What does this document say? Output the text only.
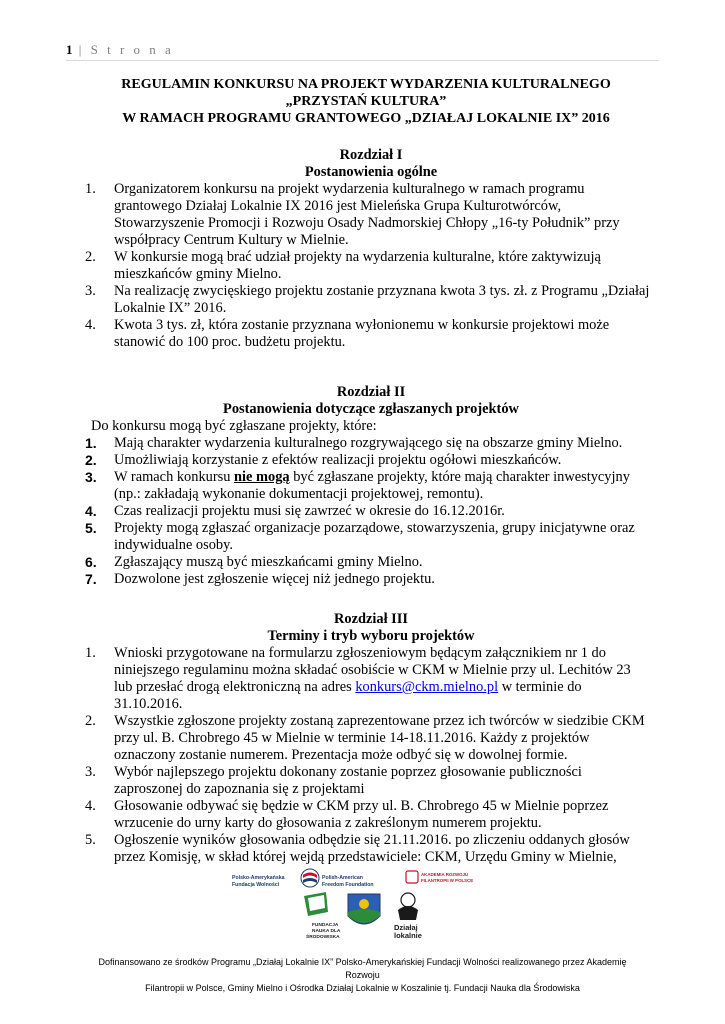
1 | S t r o n a
REGULAMIN KONKURSU NA PROJEKT WYDARZENIA KULTURALNEGO
„PRZYSTAŃ KULTURA”
W RAMACH PROGRAMU GRANTOWEGO „DZIAŁAJ LOKALNIE IX” 2016
Rozdział I
Postanowienia ogólne
1.	Organizatorem konkursu na projekt wydarzenia kulturalnego w ramach programu grantowego Działaj Lokalnie IX 2016 jest Mieleńska Grupa Kulturotwórców, Stowarzyszenie Promocji i Rozwoju Osady Nadmorskiej Chłopy „16-ty Południk” przy współpracy Centrum Kultury w Mielnie.
2.	W konkursie mogą brać udział projekty na wydarzenia kulturalne, które zaktywizują mieszkańców gminy Mielno.
3.	Na realizację zwycięskiego projektu zostanie przyznana kwota 3 tys. zł. z Programu „Działaj Lokalnie IX” 2016.
4.	Kwota 3 tys. zł, która zostanie przyznana wyłonionemu w konkursie projektowi może stanowić do 100 proc. budżetu projektu.
Rozdział II
Postanowienia dotyczące zgłaszanych projektów
Do konkursu mogą być zgłaszane projekty, które:
1.	Mają charakter wydarzenia kulturalnego rozgrywającego się na obszarze gminy Mielno.
2.	Umożliwiają korzystanie z efektów realizacji projektu ogółowi mieszkańców.
3.	W ramach konkursu nie mogą być zgłaszane projekty, które mają charakter inwestycyjny (np.: zakładają wykonanie dokumentacji projektowej, remontu).
4.	Czas realizacji projektu musi się zawrzeć w okresie do 16.12.2016r.
5.	Projekty mogą zgłaszać organizacje pozarządowe, stowarzyszenia, grupy inicjatywne oraz indywidualne osoby.
6.	Zgłaszający muszą być mieszkańcami gminy Mielno.
7.	Dozwolone jest zgłoszenie więcej niż jednego projektu.
Rozdział III
Terminy i tryb wyboru projektów
1.	Wnioski przygotowane na formularzu zgłoszeniowym będącym załącznikiem nr 1 do niniejszego regulaminu można składać osobiście w CKM w Mielnie przy ul. Lechitów 23 lub przesłać drogą elektroniczną na adres konkurs@ckm.mielno.pl w terminie do 31.10.2016.
2.	Wszystkie zgłoszone projekty zostaną zaprezentowane przez ich twórców w siedzibie CKM przy ul. B. Chrobrego 45 w Mielnie w terminie 14-18.11.2016. Każdy z projektów oznaczony zostanie numerem. Prezentacja może odbyć się w dowolnej formie.
3.	Wybór najlepszego projektu dokonany zostanie poprzez głosowanie publiczności zaproszonej do zapoznania się z projektami
4.	Głosowanie odbywać się będzie w CKM przy ul. B. Chrobrego 45 w Mielnie poprzez wrzucenie do urny karty do głosowania z zakreślonym numerem projektu.
5.	Ogłoszenie wyników głosowania odbędzie się 21.11.2016. po zliczeniu oddanych głosów przez Komisję, w skład której wejdą przedstawiciele: CKM, Urzędu Gminy w Mielnie,
Polsko-Amerykańska
Fundacja Wolności
Polish-American
Freedom Foundation
AKADEMIA ROZWOJU
FILANTROPII W POLSCE
FUNDACJA
NAUKA DLA
ŚRODOWISKA
Działaj
lokalnie
Dofinansowano ze środków Programu „Działaj Lokalnie IX” Polsko-Amerykańskiej Fundacji Wolności realizowanego przez Akademię Rozwoju
Filantropii w Polsce, Gminy Mielno i Ośrodka Działaj Lokalnie w Koszalinie tj. Fundacji Nauka dla Środowiska
